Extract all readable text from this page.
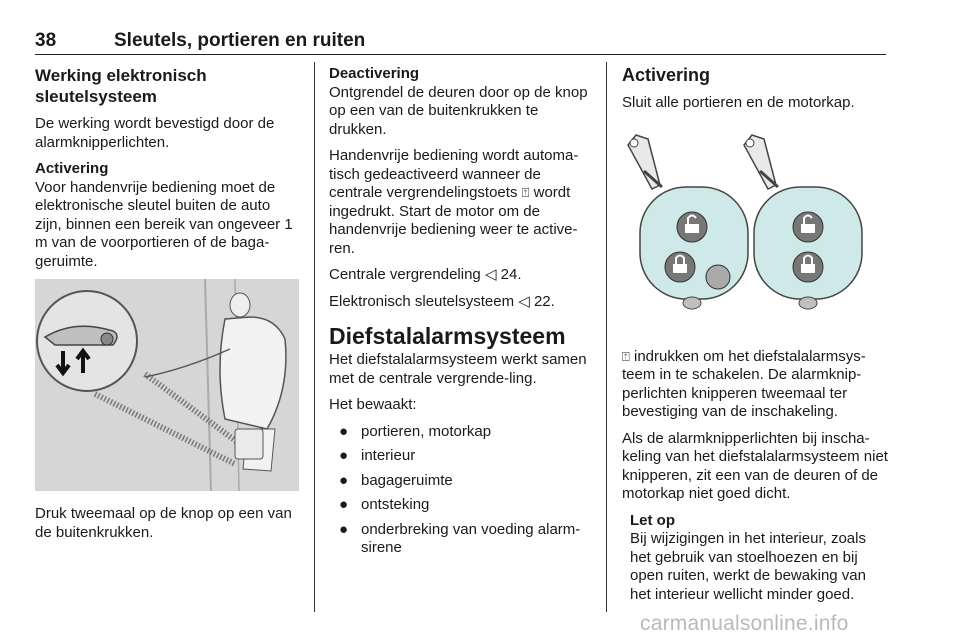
38	Sleutels, portieren en ruiten
Werking elektronisch sleutelsysteem

De werking wordt bevestigd door de alarmknipperlichten.

Activering

Voor handenvrije bediening moet de elektronische sleutel buiten de auto zijn, binnen een bereik van ongeveer 1 m van de voorportieren of de baga-geruimte.

Druk tweemaal op de knop op een van de buitenkrukken.

Deactivering

Ontgrendel de deuren door op de knop op een van de buitenkrukken te drukken.

Handenvrije bediening wordt automa-tisch gedeactiveerd wanneer de centrale vergrendelingstoets ⍐ wordt ingedrukt. Start de motor om de handenvrije bediening weer te active-ren.

Centrale vergrendeling ◁ 24.

Elektronisch sleutelsysteem ◁ 22.

Diefstalalarmsysteem

Het diefstalalarmsysteem werkt samen met de centrale vergrende-ling.

Het bewaakt:

● portieren, motorkap
● interieur
● bagageruimte
● ontsteking
● onderbreking van voeding alarm-sirene
Activering

Sluit alle portieren en de motorkap.

⍐ indrukken om het diefstalalarmsys-teem in te schakelen. De alarmknip-perlichten knipperen tweemaal ter bevestiging van de inschakeling.

Als de alarmknipperlichten bij inscha-keling van het diefstalalarmsysteem niet knipperen, zit een van de deuren of de motorkap niet goed dicht.

Let op

Bij wijzigingen in het interieur, zoals het gebruik van stoelhoezen en bij open ruiten, werkt de bewaking van het interieur wellicht minder goed.

carmanualsonline.info
